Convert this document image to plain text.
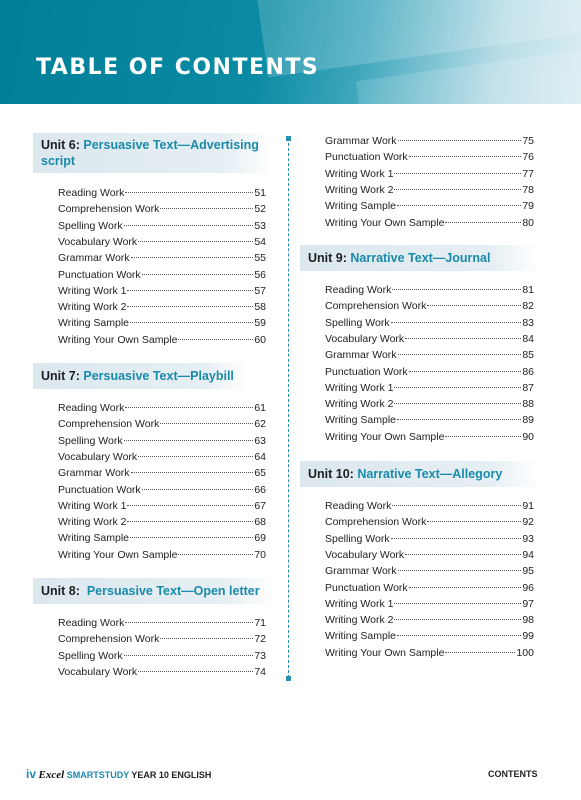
TABLE OF CONTENTS
Unit 6: Persuasive Text—Advertising script
Reading Work	51
Comprehension Work	52
Spelling Work	53
Vocabulary Work	54
Grammar Work	55
Punctuation Work	56
Writing Work 1	57
Writing Work 2	58
Writing Sample	59
Writing Your Own Sample	60
Unit 7: Persuasive Text—Playbill
Reading Work	61
Comprehension Work	62
Spelling Work	63
Vocabulary Work	64
Grammar Work	65
Punctuation Work	66
Writing Work 1	67
Writing Work 2	68
Writing Sample	69
Writing Your Own Sample	70
Unit 8:  Persuasive Text—Open letter
Reading Work	71
Comprehension Work	72
Spelling Work	73
Vocabulary Work	74
Grammar Work	75
Punctuation Work	76
Writing Work 1	77
Writing Work 2	78
Writing Sample	79
Writing Your Own Sample	80
Unit 9: Narrative Text—Journal
Reading Work	81
Comprehension Work	82
Spelling Work	83
Vocabulary Work	84
Grammar Work	85
Punctuation Work	86
Writing Work 1	87
Writing Work 2	88
Writing Sample	89
Writing Your Own Sample	90
Unit 10: Narrative Text—Allegory
Reading Work	91
Comprehension Work	92
Spelling Work	93
Vocabulary Work	94
Grammar Work	95
Punctuation Work	96
Writing Work 1	97
Writing Work 2	98
Writing Sample	99
Writing Your Own Sample	100
iv Excel SMARTSTUDY YEAR 10 ENGLISH	CONTENTS
